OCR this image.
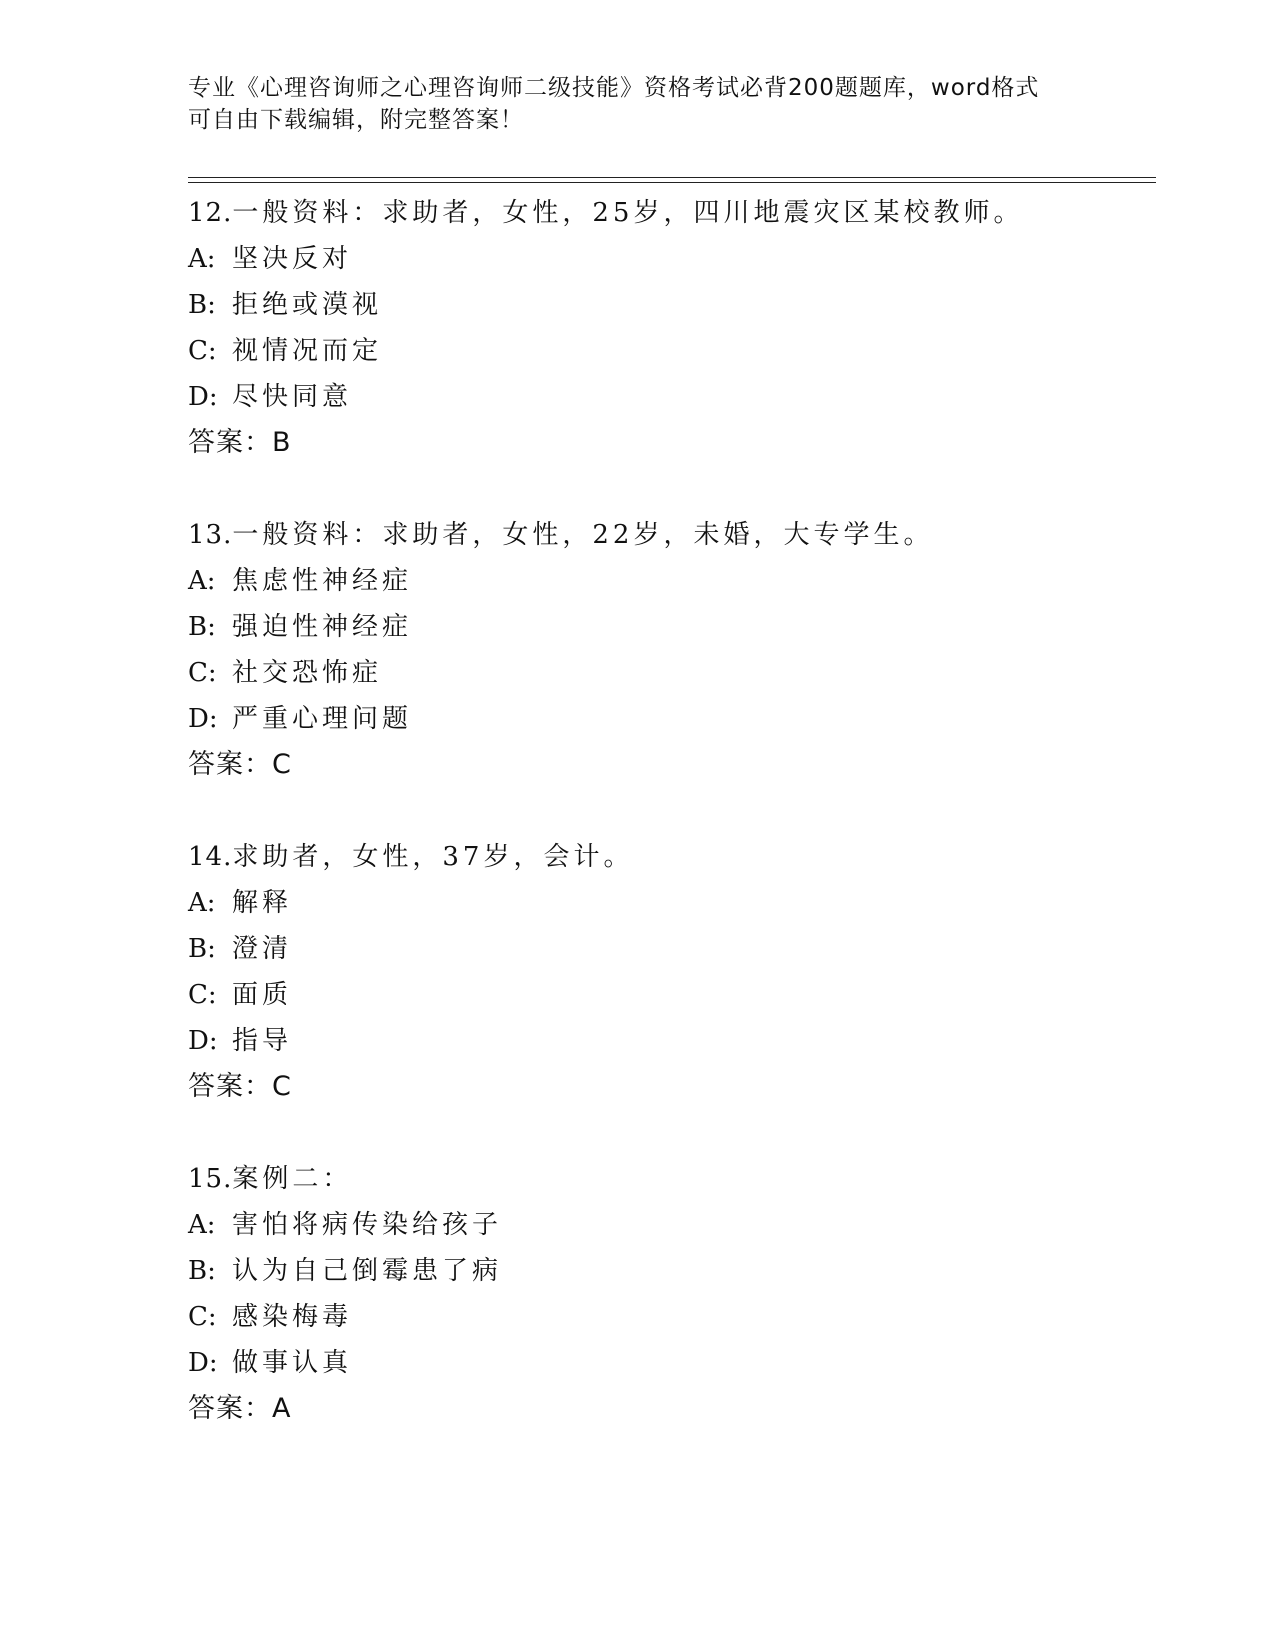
专业《心理咨询师之心理咨询师二级技能》资格考试必背200题题库，word格式
可自由下载编辑，附完整答案！
12.一般资料：求助者，女性，25岁，四川地震灾区某校教师。
A: 坚决反对
B: 拒绝或漠视
C: 视情况而定
D: 尽快同意
答案：B
13.一般资料：求助者，女性，22岁，未婚，大专学生。
A: 焦虑性神经症
B: 强迫性神经症
C: 社交恐怖症
D: 严重心理问题
答案：C
14.求助者，女性，37岁，会计。
A: 解释
B: 澄清
C: 面质
D: 指导
答案：C
15.案例二：
A: 害怕将病传染给孩子
B: 认为自己倒霉患了病
C: 感染梅毒
D: 做事认真
答案：A
